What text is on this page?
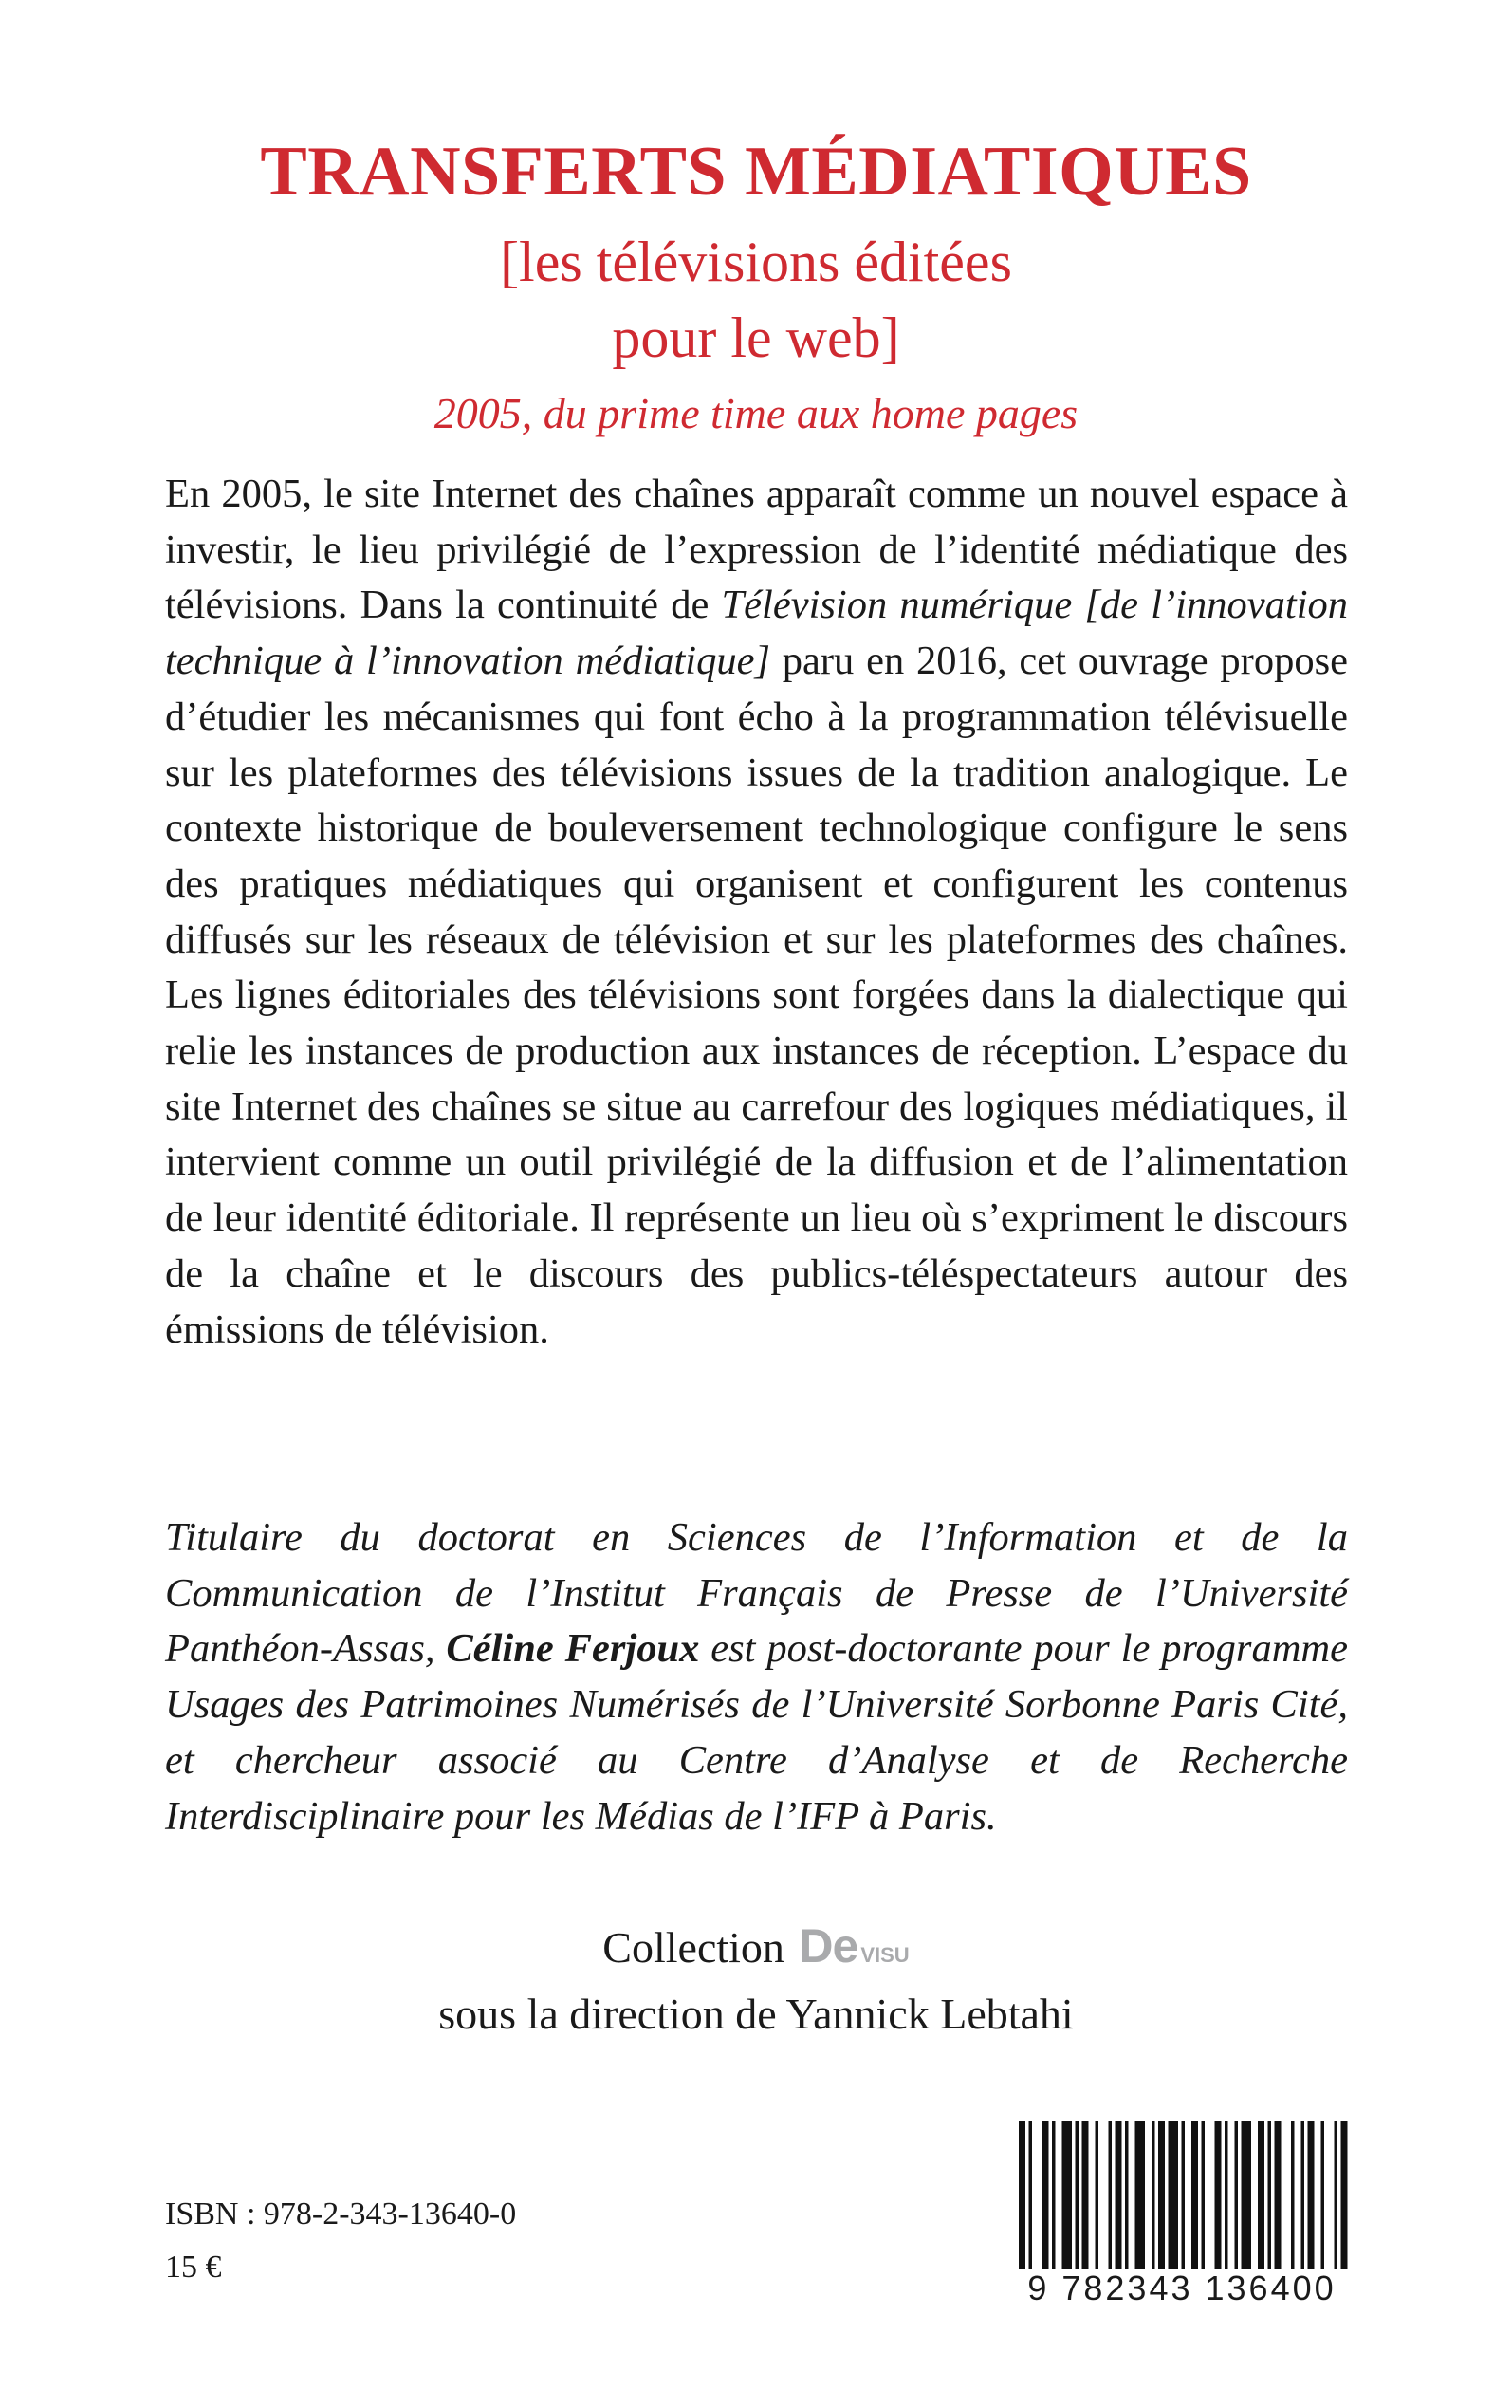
TRANSFERTS MÉDIATIQUES
[les télévisions éditées
pour le web]
2005, du prime time aux home pages
En 2005, le site Internet des chaînes apparaît comme un nouvel espace à investir, le lieu privilégié de l’expression de l’identité médiatique des télévisions. Dans la continuité de Télévision numérique [de l’innovation technique à l’innovation médiatique] paru en 2016, cet ouvrage propose d’étudier les mécanismes qui font écho à la programmation télévisuelle sur les plateformes des télévisions issues de la tradition analogique. Le contexte historique de bouleversement technologique configure le sens des pratiques médiatiques qui organisent et configurent les contenus diffusés sur les réseaux de télévision et sur les plateformes des chaînes. Les lignes éditoriales des télévisions sont forgées dans la dialectique qui relie les instances de production aux instances de réception. L’espace du site Internet des chaînes se situe au carrefour des logiques médiatiques, il intervient comme un outil privilégié de la diffusion et de l’alimentation de leur identité éditoriale. Il représente un lieu où s’expriment le discours de la chaîne et le discours des publics-téléspectateurs autour des émissions de télévision.
Titulaire du doctorat en Sciences de l’Information et de la Communication de l’Institut Français de Presse de l’Université Panthéon-Assas, Céline Ferjoux est post-doctorante pour le programme Usages des Patrimoines Numérisés de l’Université Sorbonne Paris Cité, et chercheur associé au Centre d’Analyse et de Recherche Interdisciplinaire pour les Médias de l’IFP à Paris.
Collection De VISU
sous la direction de Yannick Lebtahi
ISBN : 978-2-343-13640-0
15 €
9 782343 136400
